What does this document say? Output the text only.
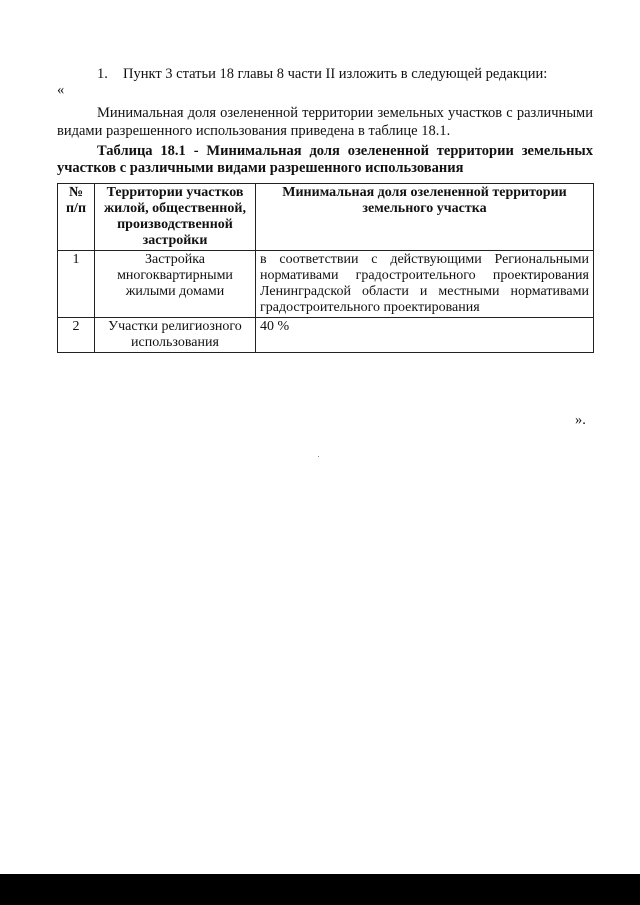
1. Пункт 3 статьи 18 главы 8 части II изложить в следующей редакции:
«
Минимальная доля озелененной территории земельных участков с различными видами разрешенного использования приведена в таблице 18.1.
Таблица 18.1 - Минимальная доля озелененной территории земельных участков с различными видами разрешенного использования
№ п/п	Территории участков жилой, общественной, производственной застройки	Минимальная доля озелененной территории земельного участка
1	Застройка многоквартирными жилыми домами	в соответствии с действующими Региональными нормативами градостроительного проектирования Ленинградской области и местными нормативами градостроительного проектирования
2	Участки религиозного использования	40 %
».
